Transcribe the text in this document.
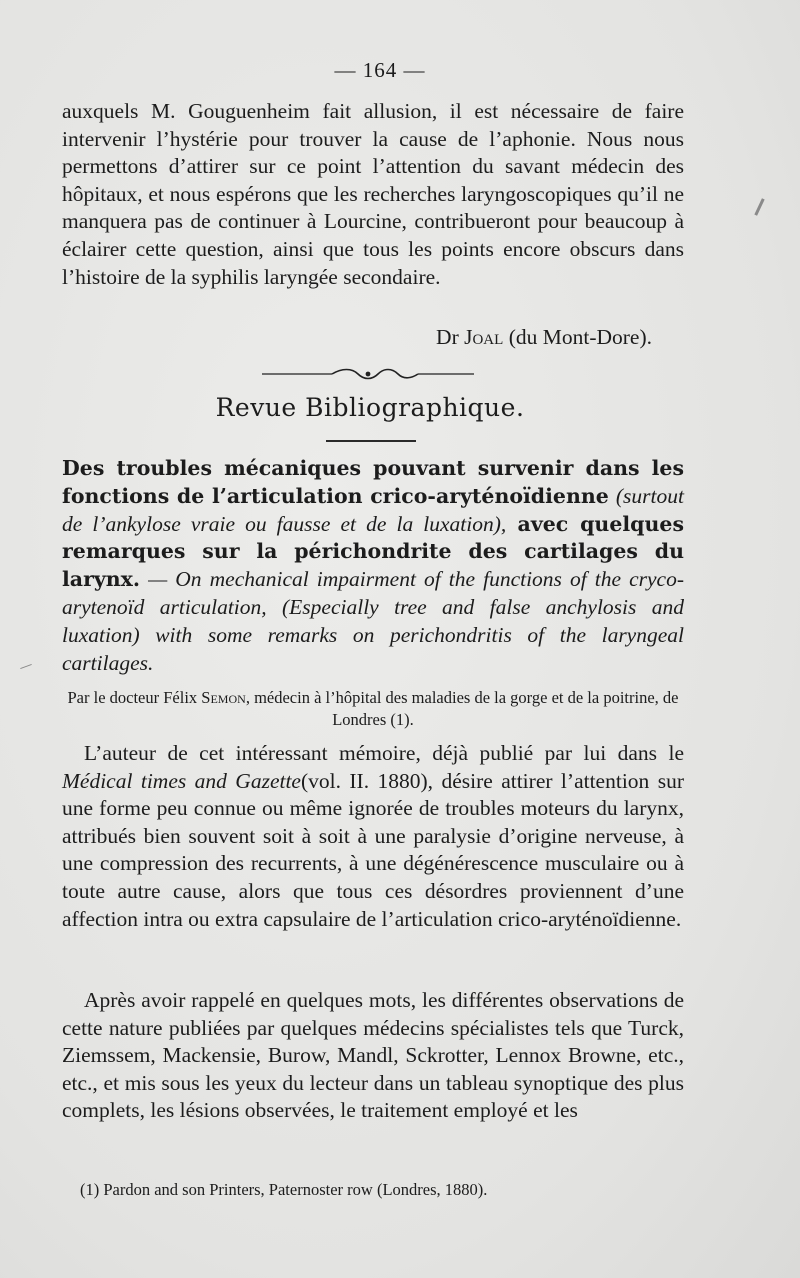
— 164 —
auxquels M. Gouguenheim fait allusion, il est nécessaire de faire intervenir l’hystérie pour trouver la cause de l’aphonie. Nous nous permettons d’attirer sur ce point l’attention du savant médecin des hôpitaux, et nous espérons que les recherches laryngoscopiques qu’il ne manquera pas de continuer à Lourcine, contribueront pour beaucoup à éclairer cette question, ainsi que tous les points encore obscurs dans l’histoire de la syphilis laryngée secondaire.
Dr Joal (du Mont-Dore).
Revue Bibliographique.
Des troubles mécaniques pouvant survenir dans les fonctions de l’articulation crico-aryténoïdienne (surtout de l’ankylose vraie ou fausse et de la luxation), avec quelques remarques sur la périchondrite des cartilages du larynx. — On mechanical impairment of the functions of the cryco-arytenoïd articulation, (Especially tree and false anchylosis and luxation) with some remarks on perichondritis of the laryngeal cartilages.
Par le docteur Félix Semon, médecin à l’hôpital des maladies de la gorge et de la poitrine, de Londres (1).
L’auteur de cet intéressant mémoire, déjà publié par lui dans le Médical times and Gazette(vol. II. 1880), désire attirer l’attention sur une forme peu connue ou même ignorée de troubles moteurs du larynx, attribués bien souvent soit à soit à une paralysie d’origine nerveuse, à une compression des recurrents, à une dégénérescence musculaire ou à toute autre cause, alors que tous ces désordres proviennent d’une affection intra ou extra capsulaire de l’articulation crico-aryténoïdienne.
Après avoir rappelé en quelques mots, les différentes observations de cette nature publiées par quelques médecins spécialistes tels que Turck, Ziemssem, Mackensie, Burow, Mandl, Sckrotter, Lennox Browne, etc., etc., et mis sous les yeux du lecteur dans un tableau synoptique des plus complets, les lésions observées, le traitement employé et les
(1) Pardon and son Printers, Paternoster row (Londres, 1880).
